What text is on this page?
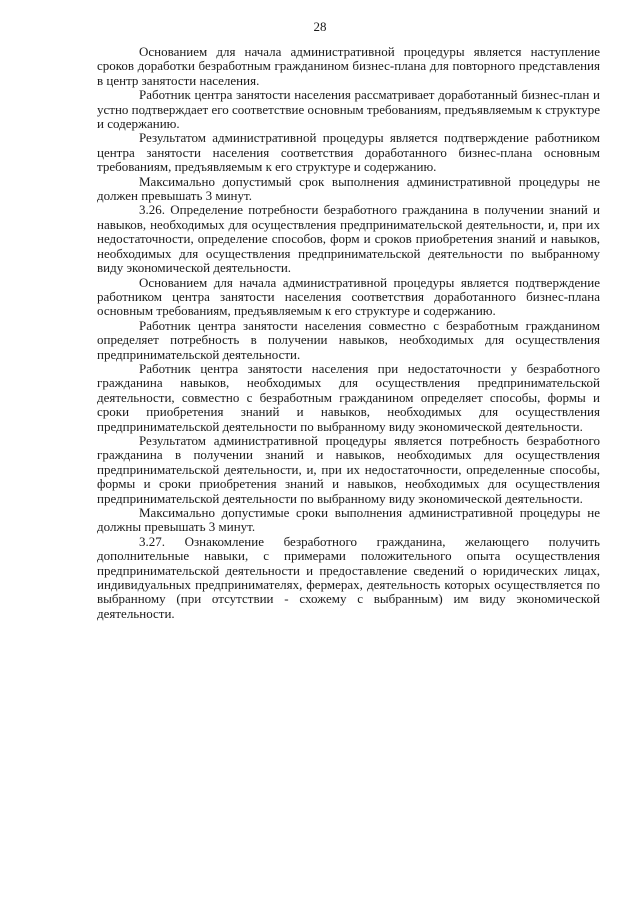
28

Основанием для начала административной процедуры является наступление сроков доработки безработным гражданином бизнес-плана для повторного представления в центр занятости населения.

Работник центра занятости населения рассматривает доработанный бизнес-план и устно подтверждает его соответствие основным требованиям, предъявляемым к структуре и содержанию.

Результатом административной процедуры является подтверждение работником центра занятости населения соответствия доработанного бизнес-плана основным требованиям, предъявляемым к его структуре и содержанию.

Максимально допустимый срок выполнения административной процедуры не должен превышать 3 минут.

3.26. Определение потребности безработного гражданина в получении знаний и навыков, необходимых для осуществления предпринимательской деятельности, и, при их недостаточности, определение способов, форм и сроков приобретения знаний и навыков, необходимых для осуществления предпринимательской деятельности по выбранному виду экономической деятельности.

Основанием для начала административной процедуры является подтверждение работником центра занятости населения соответствия доработанного бизнес-плана основным требованиям, предъявляемым к его структуре и содержанию.

Работник центра занятости населения совместно с безработным гражданином определяет потребность в получении навыков, необходимых для осуществления предпринимательской деятельности.

Работник центра занятости населения при недостаточности у безработного гражданина навыков, необходимых для осуществления предпринимательской деятельности, совместно с безработным гражданином определяет способы, формы и сроки приобретения знаний и навыков, необходимых для осуществления предпринимательской деятельности по выбранному виду экономической деятельности.

Результатом административной процедуры является потребность безработного гражданина в получении знаний и навыков, необходимых для осуществления предпринимательской деятельности, и, при их недостаточности, определенные способы, формы и сроки приобретения знаний и навыков, необходимых для осуществления предпринимательской деятельности по выбранному виду экономической деятельности.

Максимально допустимые сроки выполнения административной процедуры не должны превышать 3 минут.

3.27. Ознакомление безработного гражданина, желающего получить дополнительные навыки, с примерами положительного опыта осуществления предпринимательской деятельности и предоставление сведений о юридических лицах, индивидуальных предпринимателях, фермерах, деятельность которых осуществляется по выбранному (при отсутствии - схожему с выбранным) им виду экономической деятельности.
